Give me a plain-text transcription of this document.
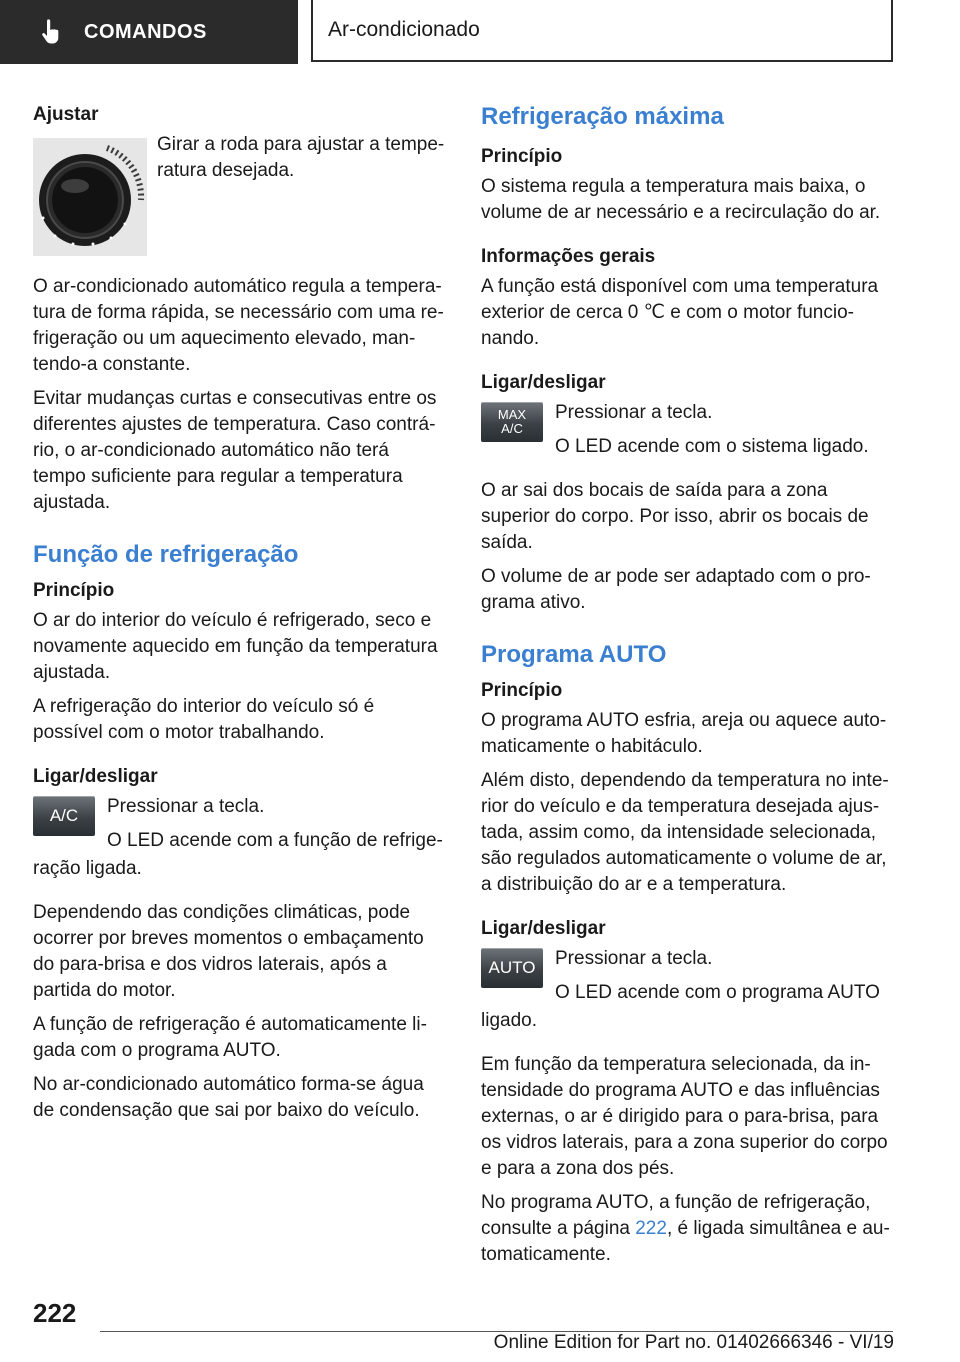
COMANDOS	Ar-condicionado
Ajustar

Girar a roda para ajustar a temperatura desejada.

O ar-condicionado automático regula a temperatura de forma rápida, se necessário com uma refrigeração ou um aquecimento elevado, mantendo-a constante.

Evitar mudanças curtas e consecutivas entre os diferentes ajustes de temperatura. Caso contrário, o ar-condicionado automático não terá tempo suficiente para regular a temperatura ajustada.

Função de refrigeração
Princípio

O ar do interior do veículo é refrigerado, seco e novamente aquecido em função da temperatura ajustada.

A refrigeração do interior do veículo só é possível com o motor trabalhando.

Ligar/desligar
A/C	Pressionar a tecla.

O LED acende com a função de refrige-

ração ligada.

Dependendo das condições climáticas, pode ocorrer por breves momentos o embaçamento do para-brisa e dos vidros laterais, após a partida do motor.

A função de refrigeração é automaticamente ligada com o programa AUTO.

No ar-condicionado automático forma-se água de condensação que sai por baixo do veículo.

Refrigeração máxima
Princípio

O sistema regula a temperatura mais baixa, o volume de ar necessário e a recirculação do ar.

Informações gerais

A função está disponível com uma temperatura exterior de cerca 0 ℃ e com o motor funcionando.

Ligar/desligar
MAX
A/C

Pressionar a tecla.

O LED acende com o sistema ligado.

O ar sai dos bocais de saída para a zona superior do corpo. Por isso, abrir os bocais de saída.

O volume de ar pode ser adaptado com o programa ativo.

Programa AUTO
Princípio

O programa AUTO esfria, areja ou aquece automaticamente o habitáculo.

Além disto, dependendo da temperatura no interior do veículo e da temperatura desejada ajustada, assim como, da intensidade selecionada, são regulados automaticamente o volume de ar, a distribuição do ar e a temperatura.

Ligar/desligar
AUTO	Pressionar a tecla.

O LED acende com o programa AUTO

ligado.

Em função da temperatura selecionada, da intensidade do programa AUTO e das influências externas, o ar é dirigido para o para-brisa, para os vidros laterais, para a zona superior do corpo e para a zona dos pés.

No programa AUTO, a função de refrigeração, consulte a página 222, é ligada simultânea e automaticamente.

222
Online Edition for Part no. 01402666346 - VI/19
